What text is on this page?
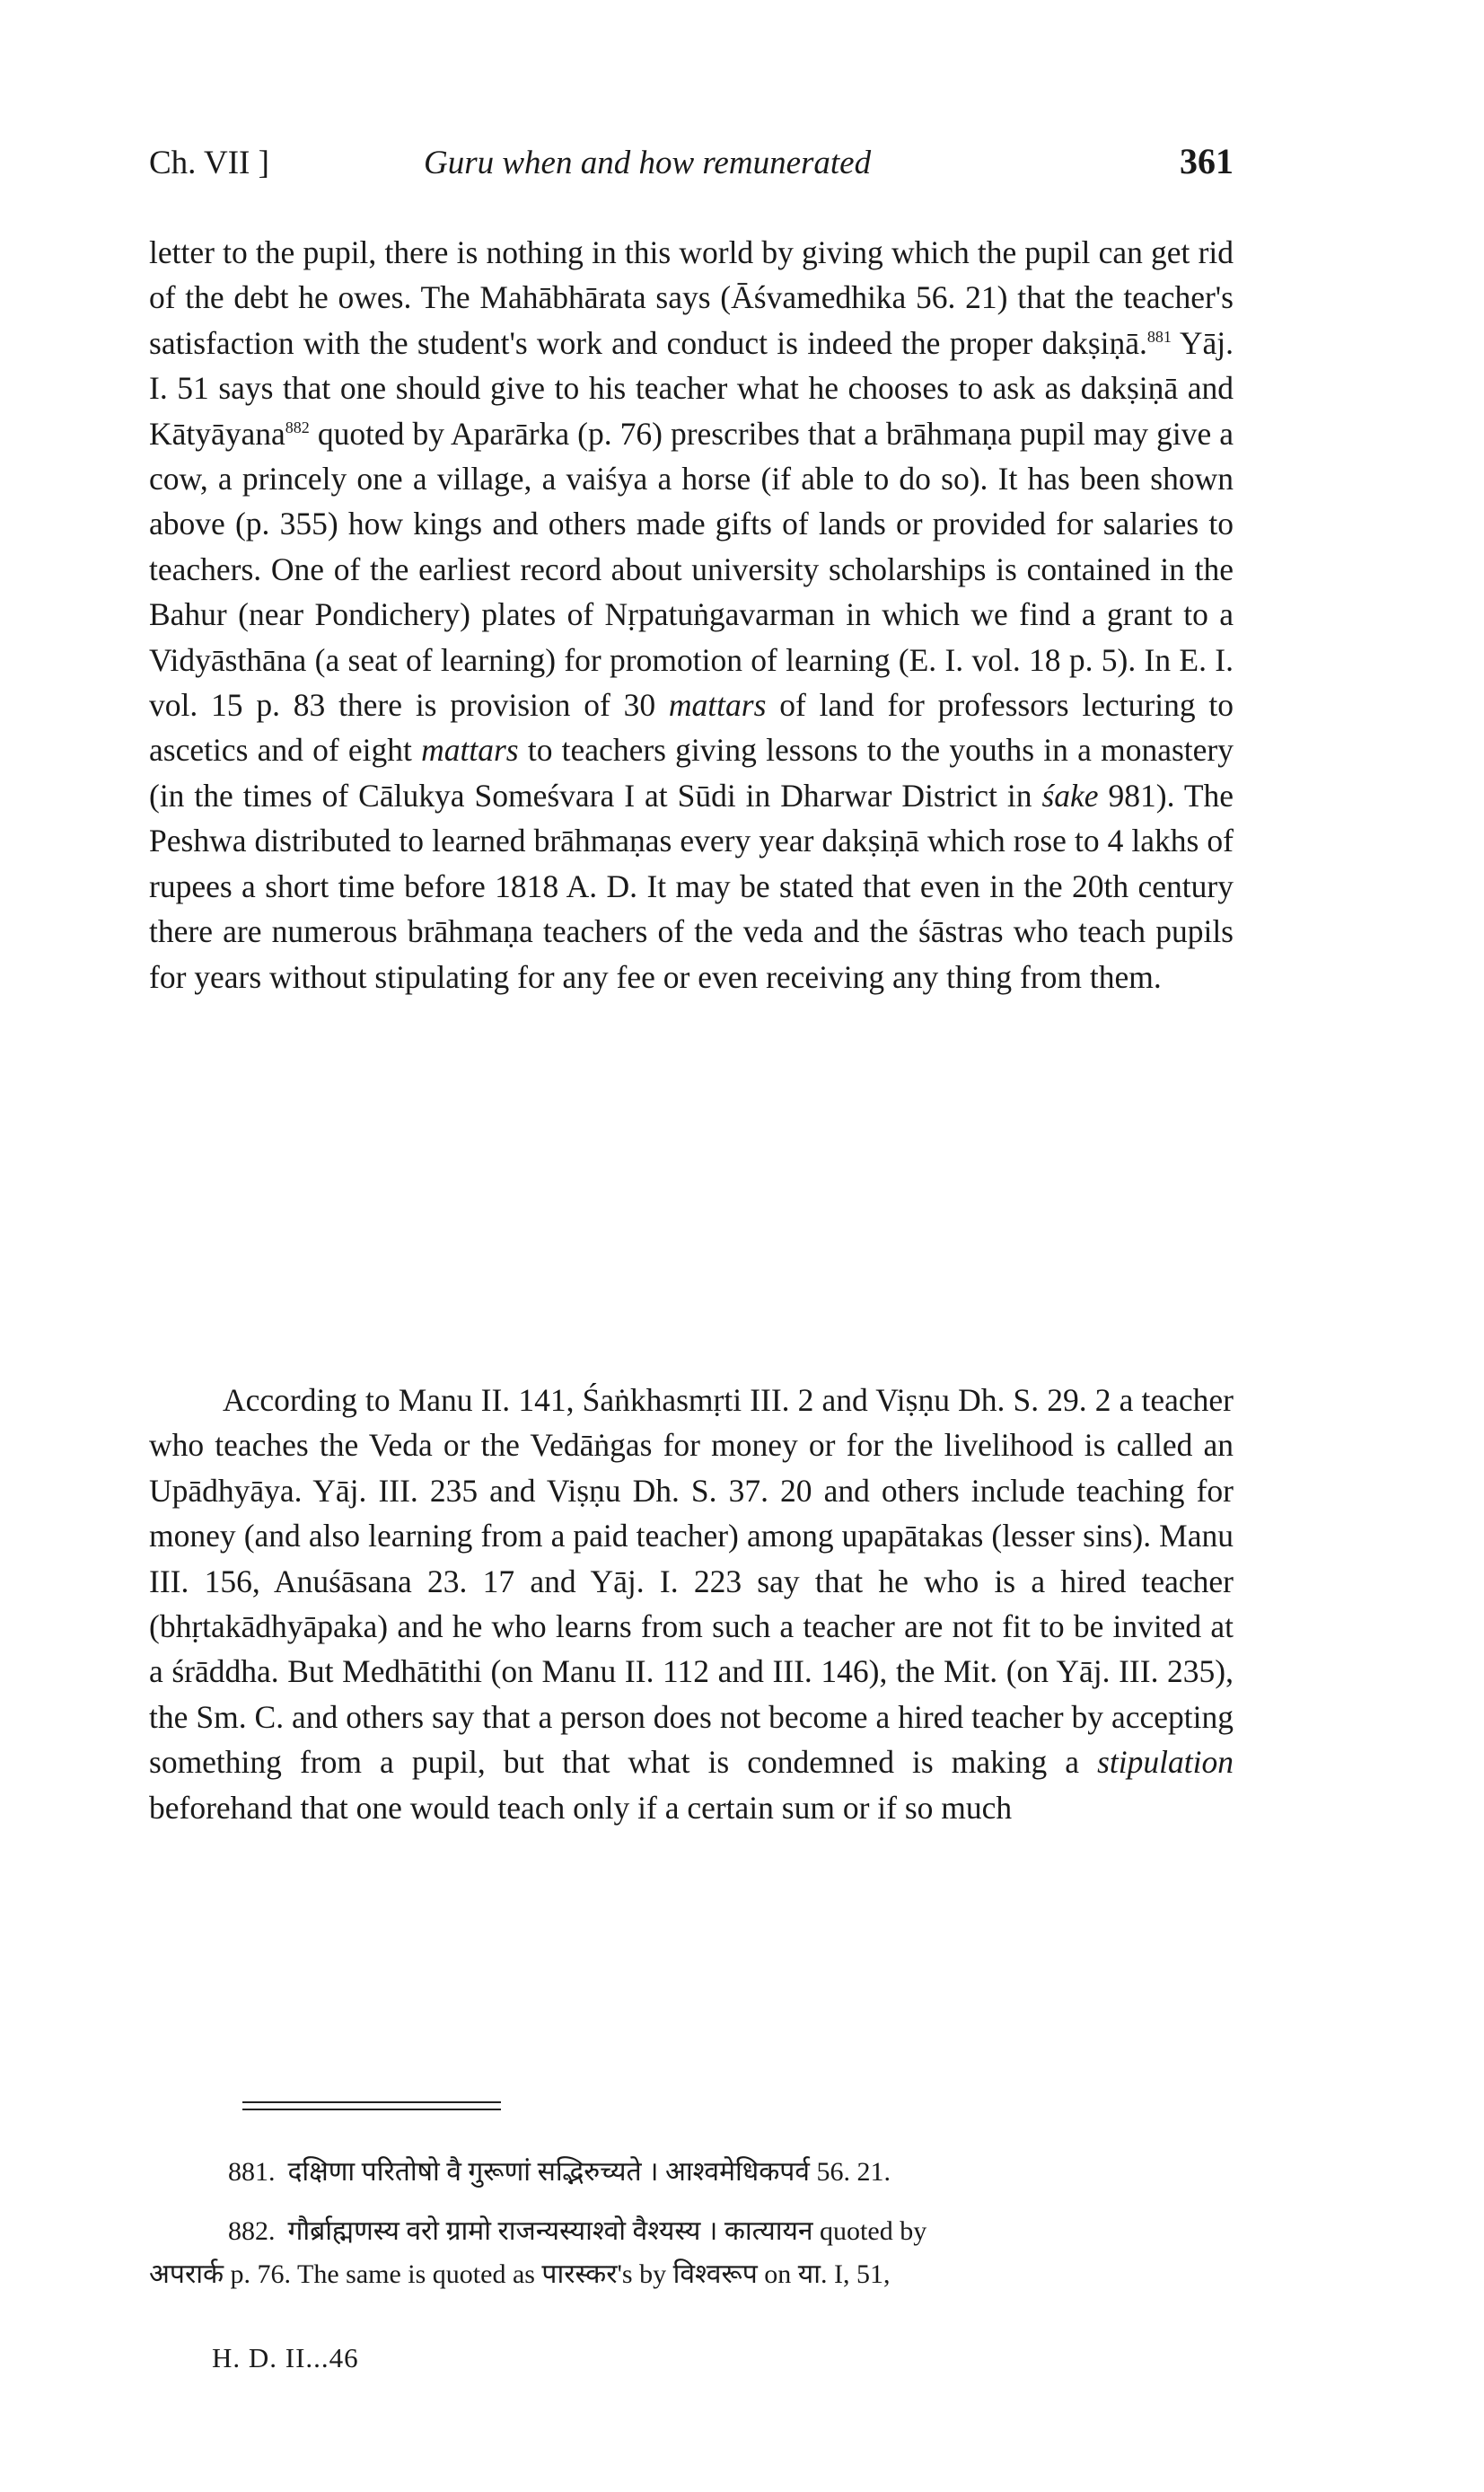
Ch. VII ]	Guru when and how remunerated	361

letter to the pupil, there is nothing in this world by giving which the pupil can get rid of the debt he owes. The Mahābhārata says (Āśvamedhika 56. 21) that the teacher's satisfaction with the student's work and conduct is indeed the proper dakṣiṇā.$^{881}$ Yāj. I. 51 says that one should give to his teacher what he chooses to ask as dakṣiṇā and Kātyāyana$^{882}$ quoted by Aparārka (p. 76) prescribes that a brāhmaṇa pupil may give a cow, a princely one a village, a vaiśya a horse (if able to do so). It has been shown above (p. 355) how kings and others made gifts of lands or provided for salaries to teachers. One of the earliest record about university scholarships is contained in the Bahur (near Pondichery) plates of Nṛpatuṅgavarman in which we find a grant to a Vidyāsthāna (a seat of learning) for promotion of learning (E. I. vol. 18 p. 5). In E. I. vol. 15 p. 83 there is provision of 30 mattars of land for professors lecturing to ascetics and of eight mattars to teachers giving lessons to the youths in a monastery (in the times of Cālukya Someśvara I at Sūdi in Dharwar District in śake 981). The Peshwa distributed to learned brāhmaṇas every year dakṣiṇā which rose to 4 lakhs of rupees a short time before 1818 A. D. It may be stated that even in the 20th century there are numerous brāhmaṇa teachers of the veda and the śāstras who teach pupils for years without stipulating for any fee or even receiving any thing from them.

According to Manu II. 141, Śaṅkhasmṛti III. 2 and Viṣṇu Dh. S. 29. 2 a teacher who teaches the Veda or the Vedāṅgas for money or for the livelihood is called an Upādhyāya. Yāj. III. 235 and Viṣṇu Dh. S. 37. 20 and others include teaching for money (and also learning from a paid teacher) among upapātakas (lesser sins). Manu III. 156, Anuśāsana 23. 17 and Yāj. I. 223 say that he who is a hired teacher (bhṛtakādhyāpaka) and he who learns from such a teacher are not fit to be invited at a śrāddha. But Medhātithi (on Manu II. 112 and III. 146), the Mit. (on Yāj. III. 235), the Sm. C. and others say that a person does not become a hired teacher by accepting something from a pupil, but that what is condemned is making a stipulation beforehand that one would teach only if a certain sum or if so much

881. दक्षिणा परितोषो वै गुरूणां सद्भिरुच्यते । आश्वमेधिकपर्व 56. 21.

882. गौर्ब्राह्मणस्य वरो ग्रामो राजन्यस्याश्वो वैश्यस्य । कात्यायन quoted by
अपरार्क p. 76. The same is quoted as पारस्कर's by विश्वरूप on या. I, 51,

H. D. II...46
